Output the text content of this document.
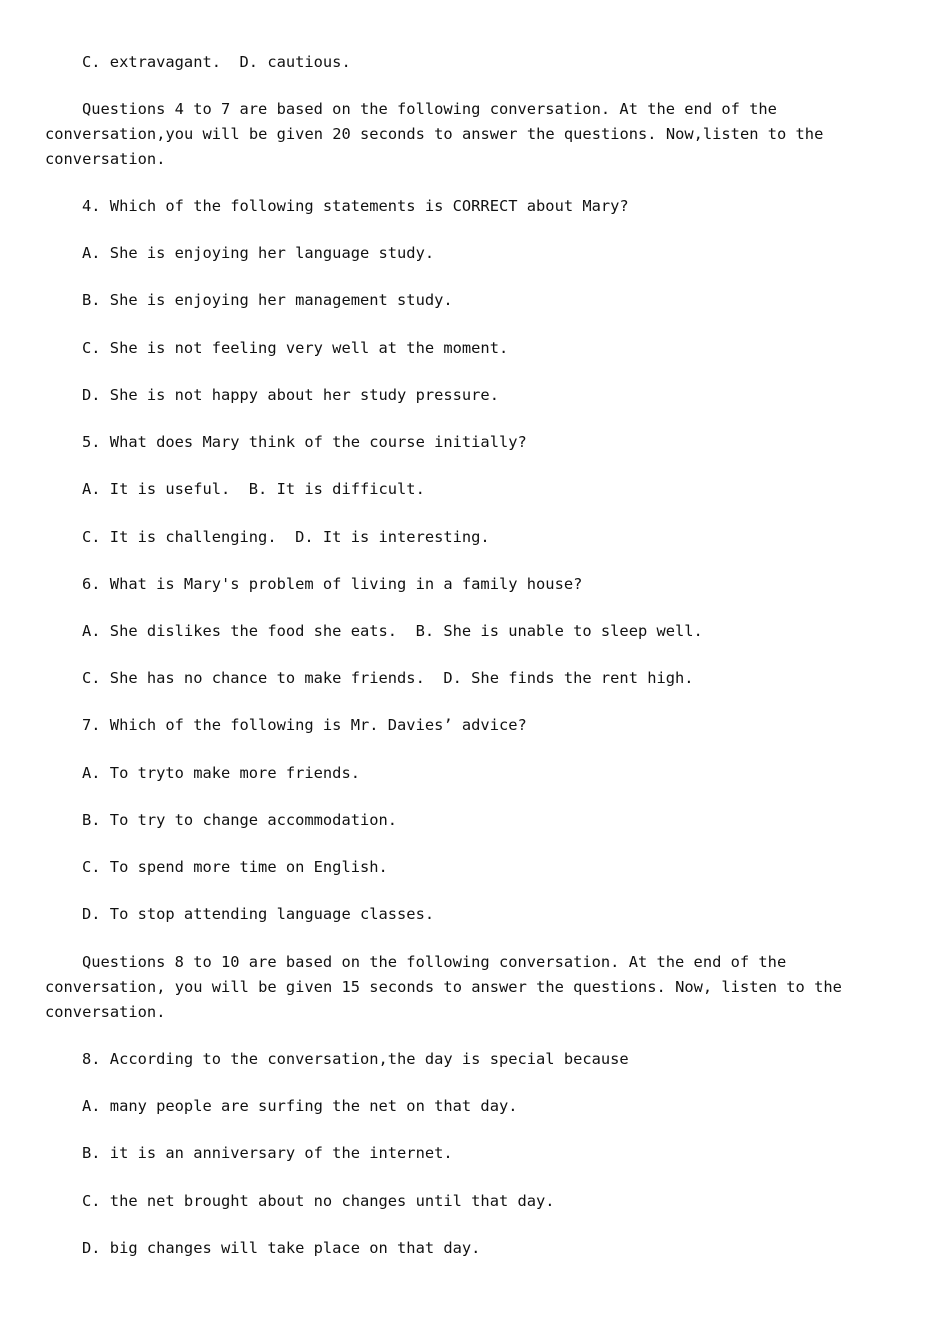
C. extravagant.  D. cautious.
Questions 4 to 7 are based on the following conversation. At the end of the
conversation,you will be given 20 seconds to answer the questions. Now,listen to the
conversation.
4. Which of the following statements is CORRECT about Mary?
A. She is enjoying her language study.
B. She is enjoying her management study.
C. She is not feeling very well at the moment.
D. She is not happy about her study pressure.
5. What does Mary think of the course initially?
A. It is useful.  B. It is difficult.
C. It is challenging.  D. It is interesting.
6. What is Mary's problem of living in a family house?
A. She dislikes the food she eats.  B. She is unable to sleep well.
C. She has no chance to make friends.  D. She finds the rent high.
7. Which of the following is Mr. Davies’ advice?
A. To tryto make more friends.
B. To try to change accommodation.
C. To spend more time on English.
D. To stop attending language classes.
Questions 8 to 10 are based on the following conversation. At the end of the
conversation, you will be given 15 seconds to answer the questions. Now, listen to the
conversation.
8. According to the conversation,the day is special because
A. many people are surfing the net on that day.
B. it is an anniversary of the internet.
C. the net brought about no changes until that day.
D. big changes will take place on that day.
